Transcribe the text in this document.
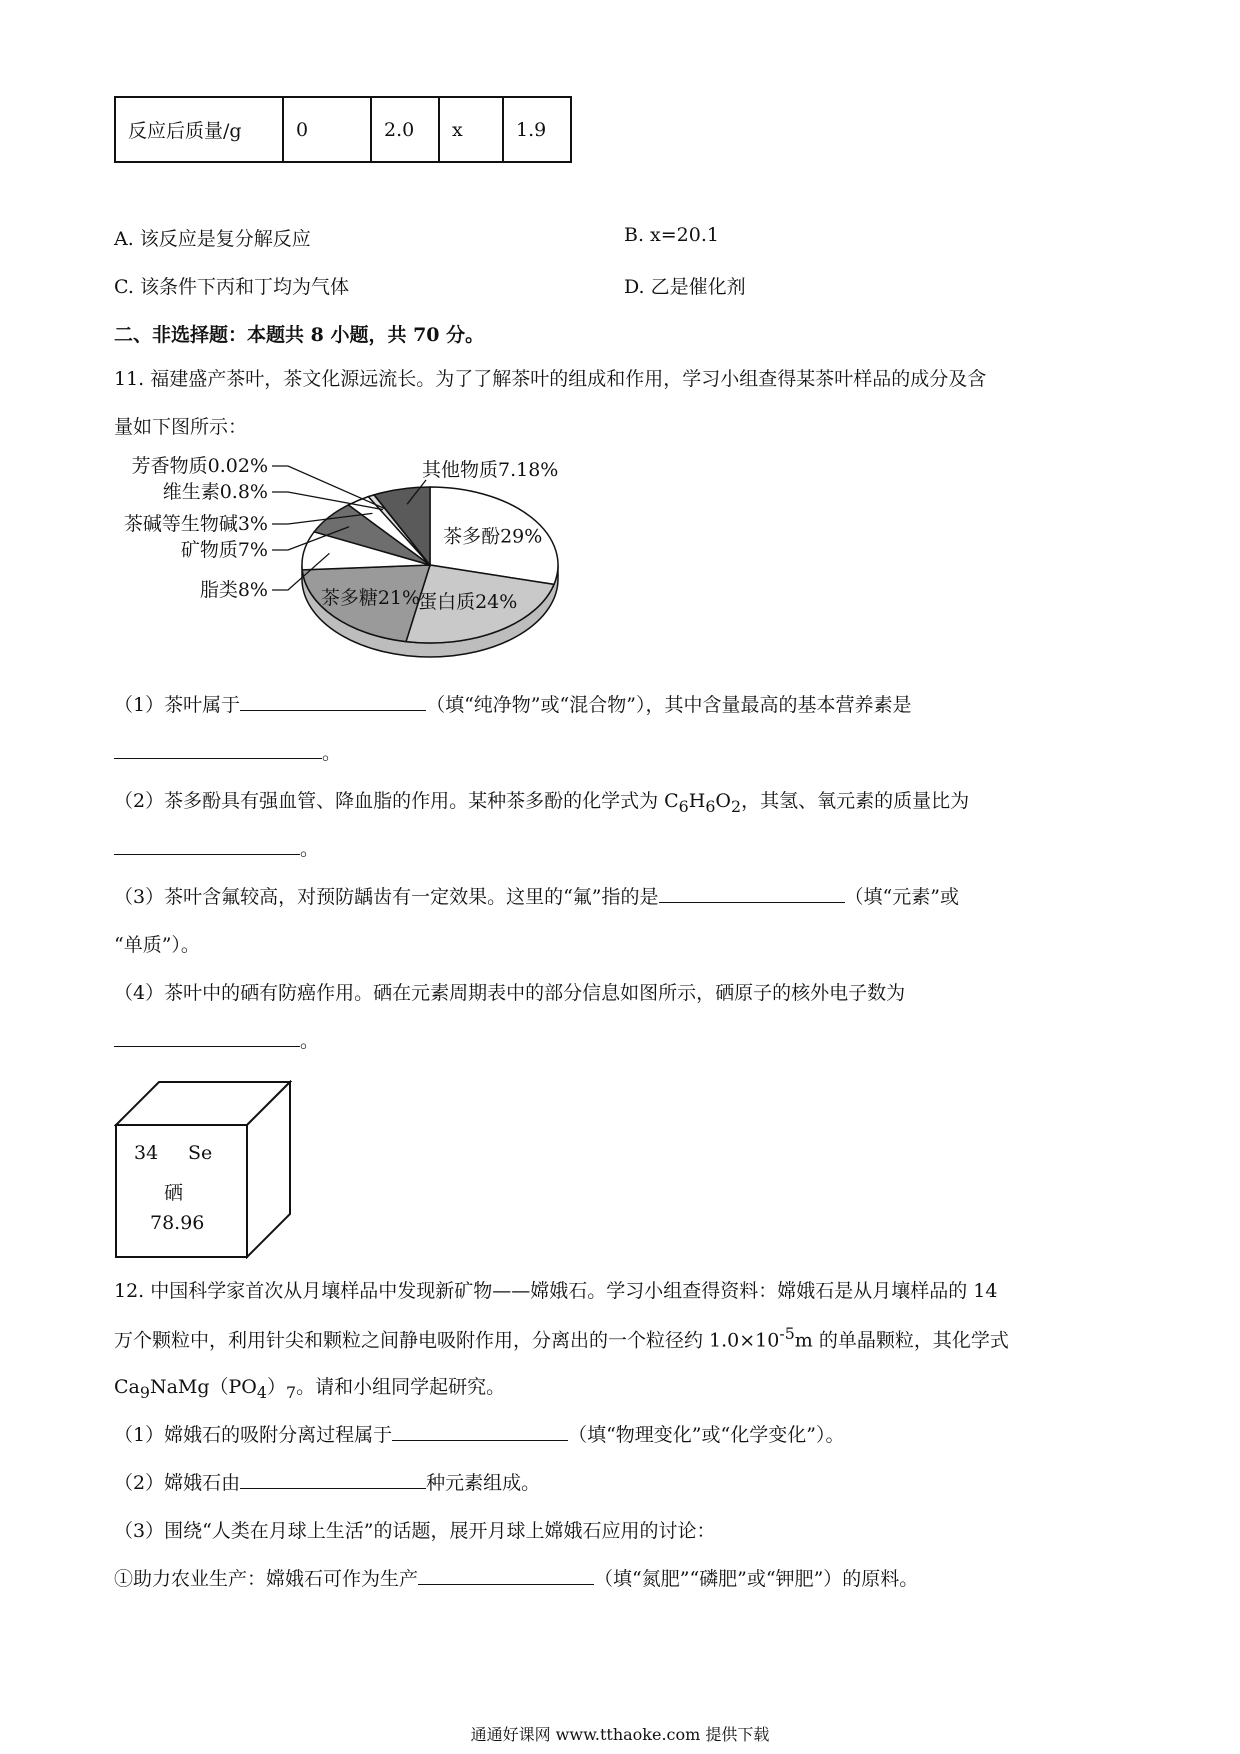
反应后质量/g	0	2.0	x	1.9
A. 该反应是复分解反应	B. x=20.1
C. 该条件下丙和丁均为气体	D. 乙是催化剂
二、非选择题：本题共 8 小题，共 70 分。
11. 福建盛产茶叶，茶文化源远流长。为了了解茶叶的组成和作用，学习小组查得某茶叶样品的成分及含
量如下图所示：
茶多酚29%
蛋白质24%
茶多糖21%
芳香物质0.02%
维生素0.8%
茶碱等生物碱3%
矿物质7%
脂类8%
其他物质7.18%
（1）茶叶属于	（填“纯净物”或“混合物”），其中含量最高的基本营养素是
。
（2）茶多酚具有强血管、降血脂的作用。某种茶多酚的化学式为 $C_6H_6O_2$，其氢、氧元素的质量比为
。
（3）茶叶含氟较高，对预防龋齿有一定效果。这里的“氟”指的是	（填“元素”或
“单质”）。
（4）茶叶中的硒有防癌作用。硒在元素周期表中的部分信息如图所示，硒原子的核外电子数为
。
34 Se
硒
78.96
12. 中国科学家首次从月壤样品中发现新矿物——嫦娥石。学习小组查得资料：嫦娥石是从月壤样品的 14
万个颗粒中，利用针尖和颗粒之间静电吸附作用，分离出的一个粒径约 $1.0\times 10^{-5}m$ 的单晶颗粒，其化学式
$Ca_9NaMg(PO_4)_7$。请和小组同学起研究。
（1）嫦娥石的吸附分离过程属于	（填“物理变化”或“化学变化”）。
（2）嫦娥石由	种元素组成。
（3）围绕“人类在月球上生活”的话题，展开月球上嫦娥石应用的讨论：
①助力农业生产：嫦娥石可作为生产	（填“氮肥”“磷肥”或“钾肥”）的原料。
通通好课网 www.tthaoke.com 提供下载
